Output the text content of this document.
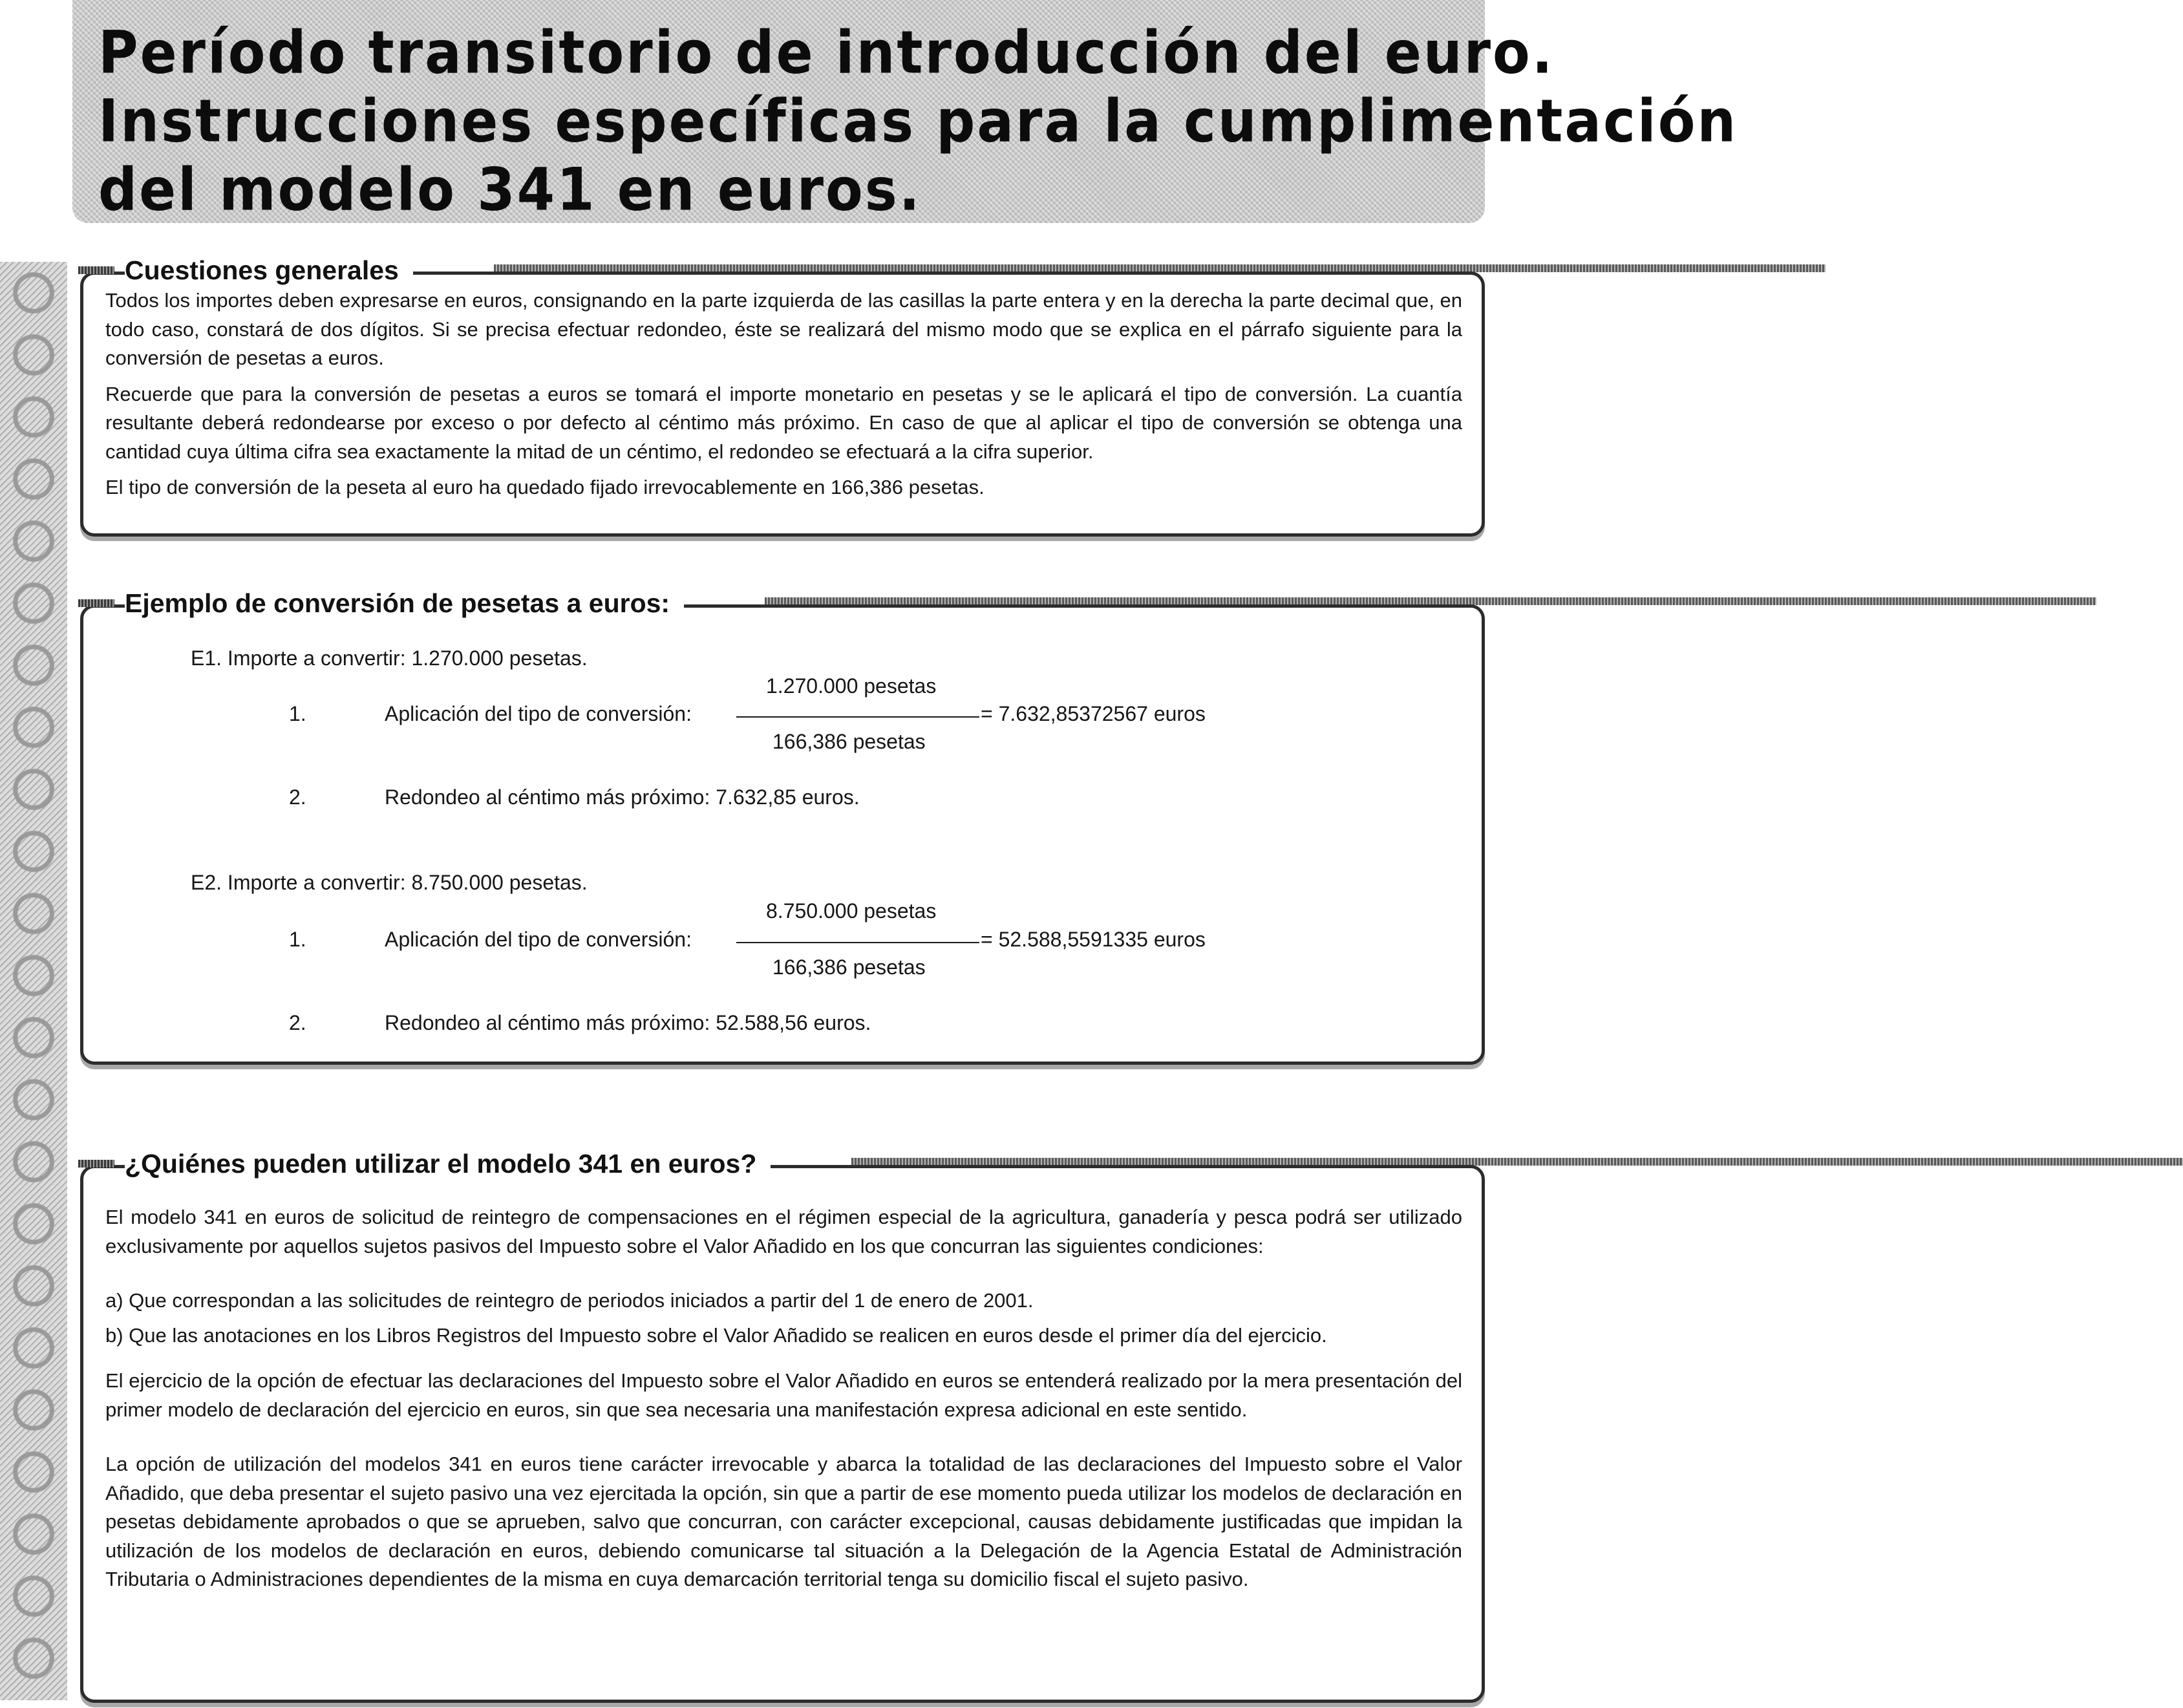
Período transitorio de introducción del euro.
Instrucciones específicas para la cumplimentación
del modelo 341 en euros.
Cuestiones generales

Todos los importes deben expresarse en euros, consignando en la parte izquierda de las casillas la parte entera y en la derecha la parte decimal que, en todo caso, constará de dos dígitos. Si se precisa efectuar redondeo, éste se realizará del mismo modo que se explica en el párrafo siguiente para la conversión de pesetas a euros.

Recuerde que para la conversión de pesetas a euros se tomará el importe monetario en pesetas y se le aplicará el tipo de conversión. La cuantía resultante deberá redondearse por exceso o por defecto al céntimo más próximo. En caso de que al aplicar el tipo de conversión se obtenga una cantidad cuya última cifra sea exactamente la mitad de un céntimo, el redondeo se efectuará a la cifra superior.

El tipo de conversión de la peseta al euro ha quedado fijado irrevocablemente en 166,386 pesetas.

Ejemplo de conversión de pesetas a euros:
E1. Importe a convertir: 1.270.000 pesetas.
1.270.000 pesetas
1.	Aplicación del tipo de conversión:	= 7.632,85372567 euros
166,386 pesetas
2.	Redondeo al céntimo más próximo: 7.632,85 euros.
E2. Importe a convertir: 8.750.000 pesetas.
8.750.000 pesetas
1.	Aplicación del tipo de conversión:	= 52.588,5591335 euros
166,386 pesetas
2.	Redondeo al céntimo más próximo: 52.588,56 euros.
¿Quiénes pueden utilizar el modelo 341 en euros?

El modelo 341 en euros de solicitud de reintegro de compensaciones en el régimen especial de la agricultura, ganadería y pesca podrá ser utilizado exclusivamente por aquellos sujetos pasivos del Impuesto sobre el Valor Añadido en los que concurran las siguientes condiciones:

a) Que correspondan a las solicitudes de reintegro de periodos iniciados a partir del 1 de enero de 2001.

b) Que las anotaciones en los Libros Registros del Impuesto sobre el Valor Añadido se realicen en euros desde el primer día del ejercicio.

El ejercicio de la opción de efectuar las declaraciones del Impuesto sobre el Valor Añadido en euros se entenderá realizado por la mera presentación del primer modelo de declaración del ejercicio en euros, sin que sea necesaria una manifestación expresa adicional en este sentido.

La opción de utilización del modelos 341 en euros tiene carácter irrevocable y abarca la totalidad de las declaraciones del Impuesto sobre el Valor Añadido, que deba presentar el sujeto pasivo una vez ejercitada la opción, sin que a partir de ese momento pueda utilizar los modelos de declaración en pesetas debidamente aprobados o que se aprueben, salvo que concurran, con carácter excepcional, causas debidamente justificadas que impidan la utilización de los modelos de declaración en euros, debiendo comunicarse tal situación a la Delegación de la Agencia Estatal de Administración Tributaria o Administraciones dependientes de la misma en cuya demarcación territorial tenga su domicilio fiscal el sujeto pasivo.
